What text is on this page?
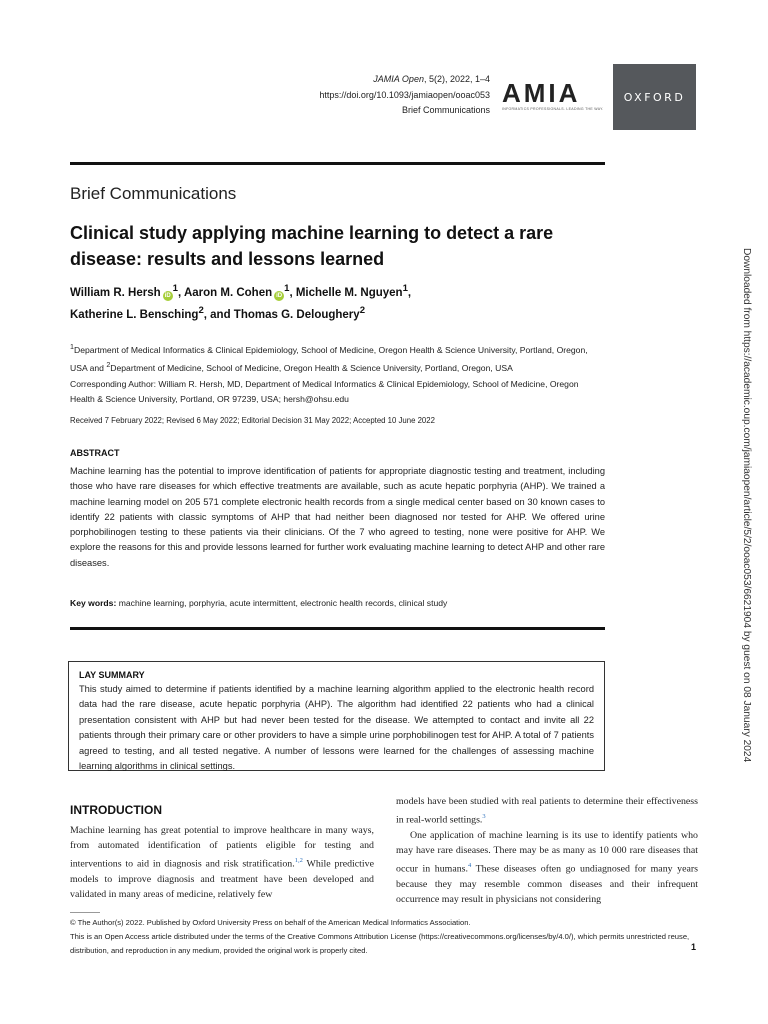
JAMIA Open, 5(2), 2022, 1–4
https://doi.org/10.1093/jamiaopen/ooac053
Brief Communications
AMIA
INFORMATICS PROFESSIONALS. LEADING THE WAY.
OXFORD
Brief Communications
Clinical study applying machine learning to detect a rare disease: results and lessons learned
William R. Hersh $iD^1$, Aaron M. Cohen $iD^1$, Michelle M. Nguyen$^1$,
Katherine L. Bensching$^2$, and Thomas G. Deloughery$^2$
$^1$Department of Medical Informatics & Clinical Epidemiology, School of Medicine, Oregon Health & Science University, Portland, Oregon, USA and $^2$Department of Medicine, School of Medicine, Oregon Health & Science University, Portland, Oregon, USA
Corresponding Author: William R. Hersh, MD, Department of Medical Informatics & Clinical Epidemiology, School of Medicine, Oregon Health & Science University, Portland, OR 97239, USA; hersh@ohsu.edu
Received 7 February 2022; Revised 6 May 2022; Editorial Decision 31 May 2022; Accepted 10 June 2022
ABSTRACT
Machine learning has the potential to improve identification of patients for appropriate diagnostic testing and treatment, including those who have rare diseases for which effective treatments are available, such as acute hepatic porphyria (AHP). We trained a machine learning model on 205 571 complete electronic health records from a single medical center based on 30 known cases to identify 22 patients with classic symptoms of AHP that had neither been diagnosed nor tested for AHP. We offered urine porphobilinogen testing to these patients via their clinicians. Of the 7 who agreed to testing, none were positive for AHP. We explore the reasons for this and provide lessons learned for further work evaluating machine learning to detect AHP and other rare diseases.
Key words: machine learning, porphyria, acute intermittent, electronic health records, clinical study
LAY SUMMARY
This study aimed to determine if patients identified by a machine learning algorithm applied to the electronic health record data had the rare disease, acute hepatic porphyria (AHP). The algorithm had identified 22 patients who had a clinical presentation consistent with AHP but had never been tested for the disease. We attempted to contact and invite all 22 patients through their primary care or other providers to have a simple urine porphobilinogen test for AHP. A total of 7 patients agreed to testing, and all tested negative. A number of lessons were learned for the challenges of assessing machine learning algorithms in clinical settings.
INTRODUCTION
Machine learning has great potential to improve healthcare in many ways, from automated identification of patients eligible for testing and interventions to aid in diagnosis and risk stratification.$^{1,2}$ While predictive models to improve diagnosis and treatment have been developed and validated in many areas of medicine, relatively few
models have been studied with real patients to determine their effectiveness in real-world settings.$^3$
One application of machine learning is its use to identify patients who may have rare diseases. There may be as many as 10 000 rare diseases that occur in humans.$^4$ These diseases often go undiagnosed for many years because they may resemble common diseases and their infrequent occurrence may result in physicians not considering
© The Author(s) 2022. Published by Oxford University Press on behalf of the American Medical Informatics Association.
This is an Open Access article distributed under the terms of the Creative Commons Attribution License (https://creativecommons.org/licenses/by/4.0/), which permits unrestricted reuse, distribution, and reproduction in any medium, provided the original work is properly cited.	1
Downloaded from https://academic.oup.com/jamiaopen/article/5/2/ooac053/6621904 by guest on 08 January 2024
